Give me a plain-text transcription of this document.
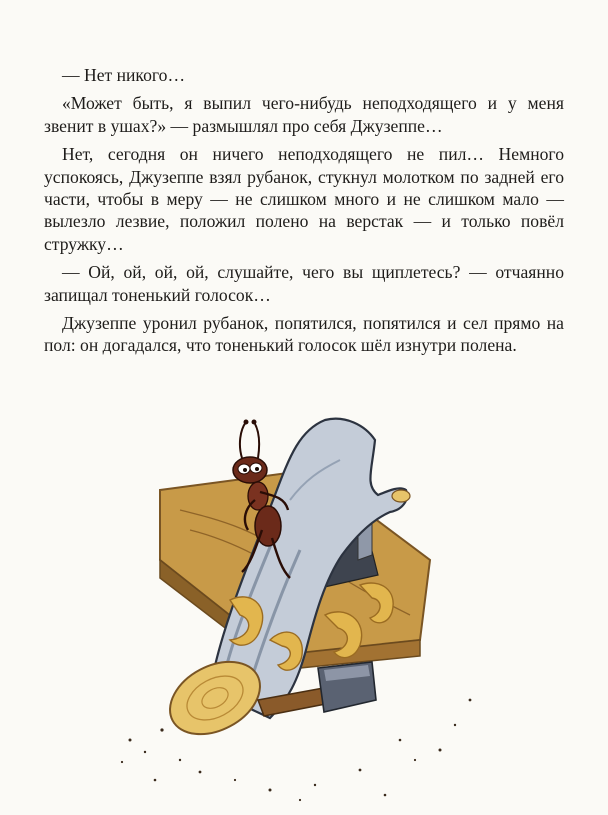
— Нет никого…

«Может быть, я выпил чего-нибудь неподходящего и у меня звенит в ушах?» — размышлял про себя Джузеппе…

Нет, сегодня он ничего неподходящего не пил… Немного успокоясь, Джузеппе взял рубанок, стукнул молотком по задней его части, чтобы в меру — не слишком много и не слишком мало — вылезло лезвие, положил полено на верстак — и только повёл стружку…

— Ой, ой, ой, ой, слушайте, чего вы щиплетесь? — отчаянно запищал тоненький голосок…

Джузеппе уронил рубанок, попятился, попятился и сел прямо на пол: он догадался, что тоненький голосок шёл изнутри полена.
